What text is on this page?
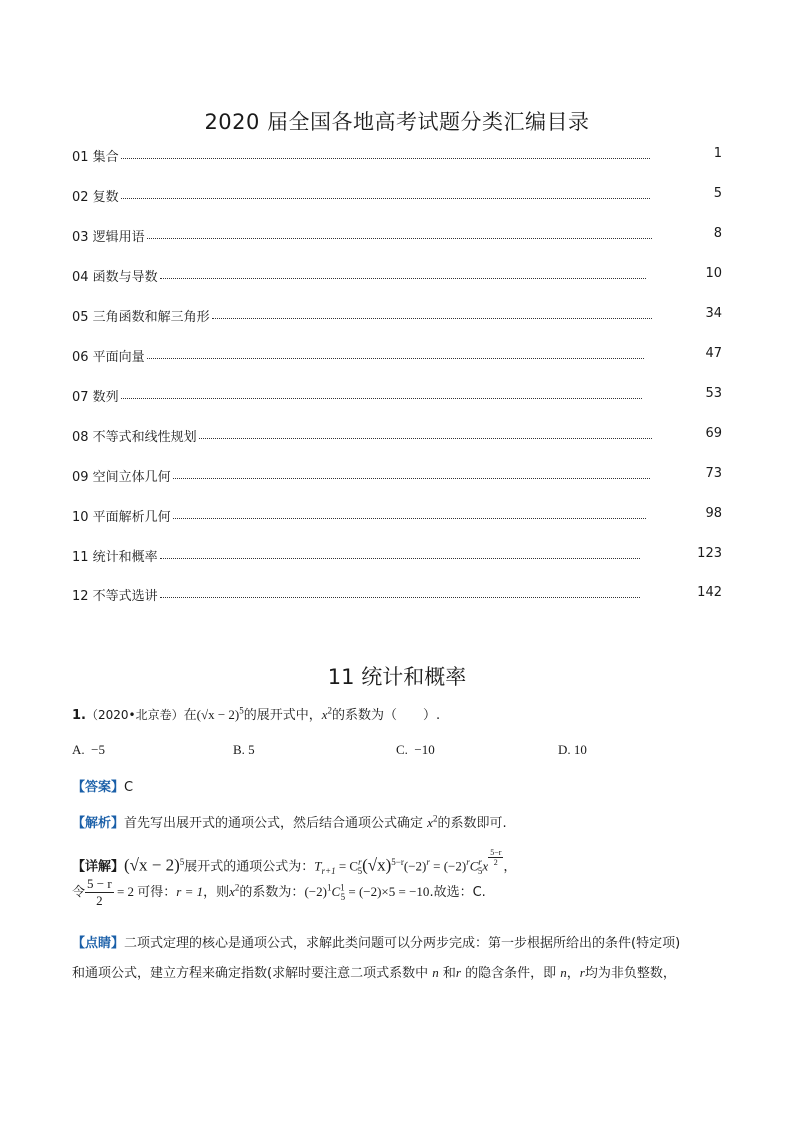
2020 届全国各地高考试题分类汇编目录
01 集合	1
02 复数	5
03 逻辑用语	8
04 函数与导数	10
05 三角函数和解三角形	34
06 平面向量	47
07 数列	53
08 不等式和线性规划	69
09 空间立体几何	73
10 平面解析几何	98
11 统计和概率	123
12 不等式选讲	142
11 统计和概率
1.（2020•北京卷）在$(√x - 2)^5$的展开式中，$x^2$的系数为（　　）.
A. −5	B. 5	C. −10	D. 10
【答案】C
【解析】首先写出展开式的通项公式，然后结合通项公式确定 $x^2$的系数即可.
【详解】$(√x - 2)^5$展开式的通项公式为：$T_{r+1} = C^r_5(√x)^{5-r}(-2)^r = (-2)^rC^r_5x$ $^{\frac{5-r}{2}}$ ，
令 $\frac{5 - r}{2} = 2$ 可得：r = 1，则$x^2$的系数为：$(-2)^1C^1_5 = (-2)\times 5 = -10$.故选：C.
【点睛】二项式定理的核心是通项公式，求解此类问题可以分两步完成：第一步根据所给出的条件(特定项)
和通项公式，建立方程来确定指数(求解时要注意二项式系数中 n 和r 的隐含条件，即 n，r均为非负整数，
